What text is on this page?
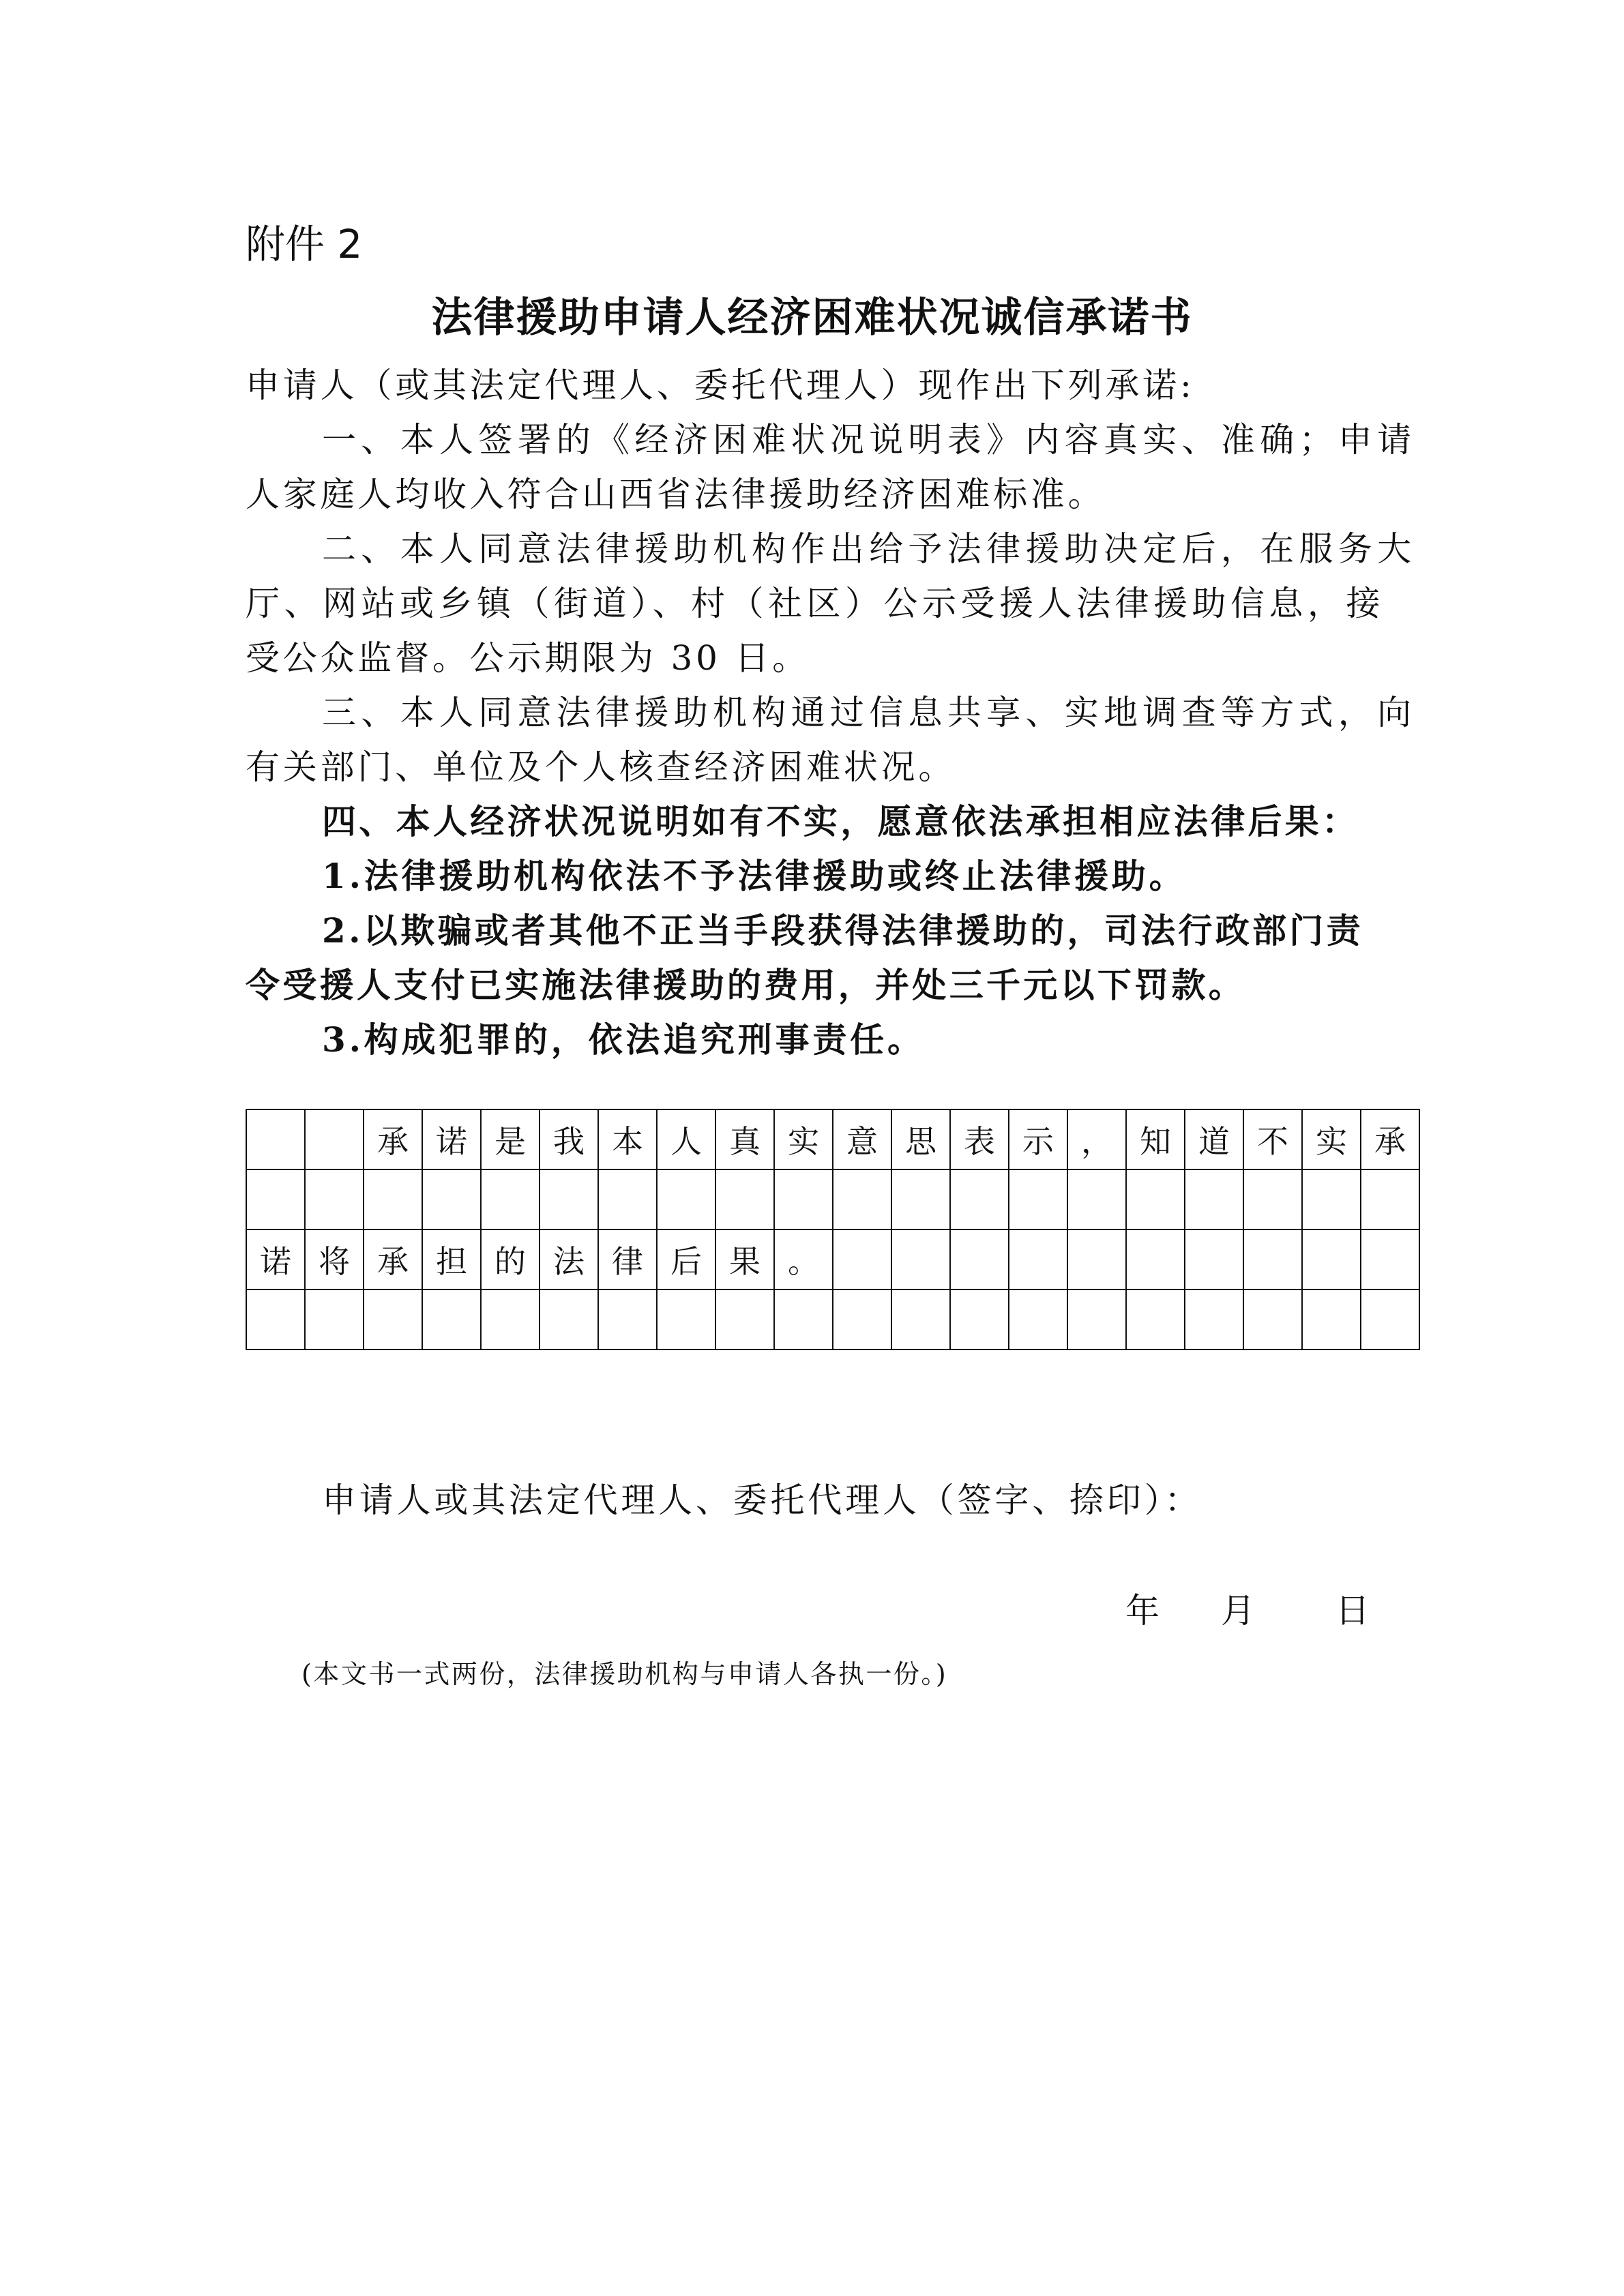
附件 2
法律援助申请人经济困难状况诚信承诺书

申请人（或其法定代理人、委托代理人）现作出下列承诺:

一、本人签署的《经济困难状况说明表》内容真实、准确；申请

人家庭人均收入符合山西省法律援助经济困难标准。

二、本人同意法律援助机构作出给予法律援助决定后，在服务大

厅、网站或乡镇（街道）、村（社区）公示受援人法律援助信息，接

受公众监督。公示期限为 30 日。

三、本人同意法律援助机构通过信息共享、实地调查等方式，向

有关部门、单位及个人核查经济困难状况。

四、本人经济状况说明如有不实，愿意依法承担相应法律后果：

1.法律援助机构依法不予法律援助或终止法律援助。

2.以欺骗或者其他不正当手段获得法律援助的，司法行政部门责

令受援人支付已实施法律援助的费用，并处三千元以下罚款。

3.构成犯罪的，依法追究刑事责任。

		承	诺	是	我	本	人	真	实	意	思	表	示	，	知	道	不	实	承

诺	将	承	担	的	法	律	后	果	。										

申请人或其法定代理人、委托代理人（签字、捺印）：

年 月 日

(本文书一式两份，法律援助机构与申请人各执一份。)
